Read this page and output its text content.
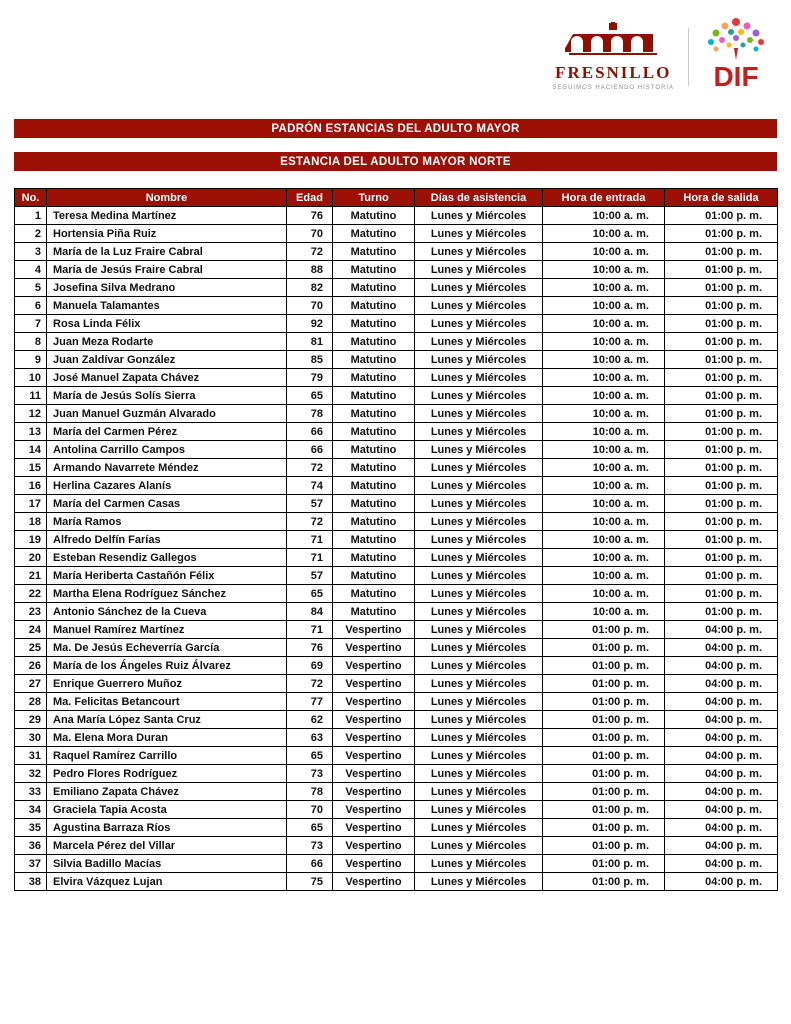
FRESNILLO
SEGUIMOS HACIENDO HISTORIA DIF
PADRÓN ESTANCIAS DEL ADULTO MAYOR
ESTANCIA DEL ADULTO MAYOR NORTE
No.	Nombre	Edad	Turno	Días de asistencia	Hora de entrada	Hora de salida
1	Teresa Medina Martínez	76	Matutino	Lunes y Miércoles	10:00 a. m.	01:00 p. m.
2	Hortensia Piña Ruiz	70	Matutino	Lunes y Miércoles	10:00 a. m.	01:00 p. m.
3	María de la Luz Fraire Cabral	72	Matutino	Lunes y Miércoles	10:00 a. m.	01:00 p. m.
4	María de Jesús Fraire Cabral	88	Matutino	Lunes y Miércoles	10:00 a. m.	01:00 p. m.
5	Josefina Silva Medrano	82	Matutino	Lunes y Miércoles	10:00 a. m.	01:00 p. m.
6	Manuela Talamantes	70	Matutino	Lunes y Miércoles	10:00 a. m.	01:00 p. m.
7	Rosa Linda Félix	92	Matutino	Lunes y Miércoles	10:00 a. m.	01:00 p. m.
8	Juan Meza Rodarte	81	Matutino	Lunes y Miércoles	10:00 a. m.	01:00 p. m.
9	Juan Zaldívar González	85	Matutino	Lunes y Miércoles	10:00 a. m.	01:00 p. m.
10	José Manuel Zapata Chávez	79	Matutino	Lunes y Miércoles	10:00 a. m.	01:00 p. m.
11	María de Jesús Solís Sierra	65	Matutino	Lunes y Miércoles	10:00 a. m.	01:00 p. m.
12	Juan Manuel Guzmán Alvarado	78	Matutino	Lunes y Miércoles	10:00 a. m.	01:00 p. m.
13	María del Carmen Pérez	66	Matutino	Lunes y Miércoles	10:00 a. m.	01:00 p. m.
14	Antolina Carrillo Campos	66	Matutino	Lunes y Miércoles	10:00 a. m.	01:00 p. m.
15	Armando Navarrete Méndez	72	Matutino	Lunes y Miércoles	10:00 a. m.	01:00 p. m.
16	Herlina Cazares Alanís	74	Matutino	Lunes y Miércoles	10:00 a. m.	01:00 p. m.
17	María del Carmen Casas	57	Matutino	Lunes y Miércoles	10:00 a. m.	01:00 p. m.
18	María Ramos	72	Matutino	Lunes y Miércoles	10:00 a. m.	01:00 p. m.
19	Alfredo Delfín Farías	71	Matutino	Lunes y Miércoles	10:00 a. m.	01:00 p. m.
20	Esteban Resendiz Gallegos	71	Matutino	Lunes y Miércoles	10:00 a. m.	01:00 p. m.
21	María Heriberta Castañón Félix	57	Matutino	Lunes y Miércoles	10:00 a. m.	01:00 p. m.
22	Martha Elena Rodríguez Sánchez	65	Matutino	Lunes y Miércoles	10:00 a. m.	01:00 p. m.
23	Antonio Sánchez de la Cueva	84	Matutino	Lunes y Miércoles	10:00 a. m.	01:00 p. m.
24	Manuel Ramírez Martínez	71	Vespertino	Lunes y Miércoles	01:00 p. m.	04:00 p. m.
25	Ma. De Jesús Echeverría García	76	Vespertino	Lunes y Miércoles	01:00 p. m.	04:00 p. m.
26	María de los Ángeles Ruiz Álvarez	69	Vespertino	Lunes y Miércoles	01:00 p. m.	04:00 p. m.
27	Enrique Guerrero Muñoz	72	Vespertino	Lunes y Miércoles	01:00 p. m.	04:00 p. m.
28	Ma. Felicitas Betancourt	77	Vespertino	Lunes y Miércoles	01:00 p. m.	04:00 p. m.
29	Ana María López Santa Cruz	62	Vespertino	Lunes y Miércoles	01:00 p. m.	04:00 p. m.
30	Ma. Elena Mora Duran	63	Vespertino	Lunes y Miércoles	01:00 p. m.	04:00 p. m.
31	Raquel Ramírez Carrillo	65	Vespertino	Lunes y Miércoles	01:00 p. m.	04:00 p. m.
32	Pedro Flores Rodríguez	73	Vespertino	Lunes y Miércoles	01:00 p. m.	04:00 p. m.
33	Emiliano Zapata Chávez	78	Vespertino	Lunes y Miércoles	01:00 p. m.	04:00 p. m.
34	Graciela Tapia Acosta	70	Vespertino	Lunes y Miércoles	01:00 p. m.	04:00 p. m.
35	Agustina Barraza Ríos	65	Vespertino	Lunes y Miércoles	01:00 p. m.	04:00 p. m.
36	Marcela Pérez del Villar	73	Vespertino	Lunes y Miércoles	01:00 p. m.	04:00 p. m.
37	Silvia Badillo Macías	66	Vespertino	Lunes y Miércoles	01:00 p. m.	04:00 p. m.
38	Elvira Vázquez Lujan	75	Vespertino	Lunes y Miércoles	01:00 p. m.	04:00 p. m.
